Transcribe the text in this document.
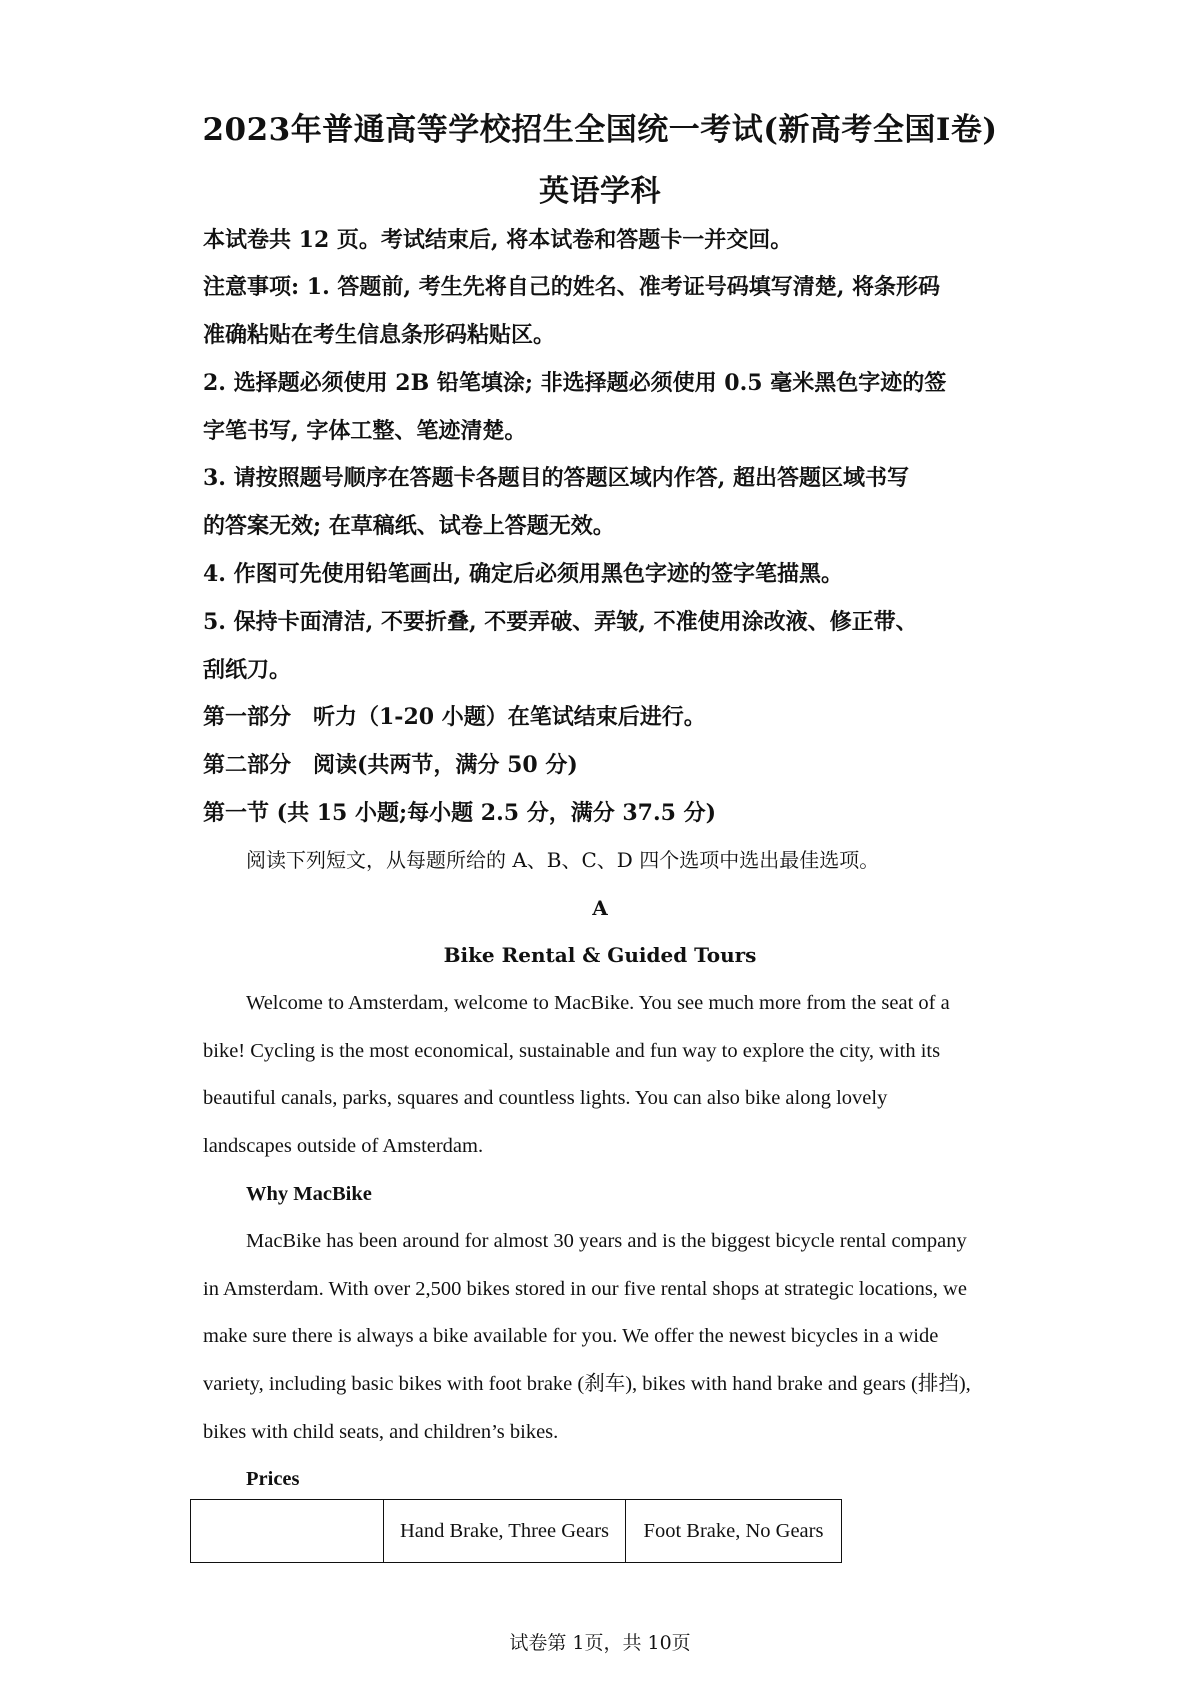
2023年普通高等学校招生全国统一考试(新高考全国I卷)
英语学科
本试卷共 12 页。考试结束后, 将本试卷和答题卡一并交回。
注意事项: 1. 答题前, 考生先将自己的姓名、准考证号码填写清楚, 将条形码
准确粘贴在考生信息条形码粘贴区。
2. 选择题必须使用 2B 铅笔填涂; 非选择题必须使用 0.5 毫米黑色字迹的签
字笔书写, 字体工整、笔迹清楚。
3. 请按照题号顺序在答题卡各题目的答题区域内作答, 超出答题区域书写
的答案无效; 在草稿纸、试卷上答题无效。
4. 作图可先使用铅笔画出, 确定后必须用黑色字迹的签字笔描黑。
5. 保持卡面清洁, 不要折叠, 不要弄破、弄皱, 不准使用涂改液、修正带、
刮纸刀。
第一部分　听力（1-20 小题）在笔试结束后进行。
第二部分　阅读(共两节，满分 50 分)
第一节 (共 15 小题;每小题 2.5 分，满分 37.5 分)
阅读下列短文，从每题所给的 A、B、C、D 四个选项中选出最佳选项。
A
Bike Rental & Guided Tours
Welcome to Amsterdam, welcome to MacBike. You see much more from the seat of a
bike! Cycling is the most economical, sustainable and fun way to explore the city, with its
beautiful canals, parks, squares and countless lights. You can also bike along lovely
landscapes outside of Amsterdam.
Why MacBike
MacBike has been around for almost 30 years and is the biggest bicycle rental company
in Amsterdam. With over 2,500 bikes stored in our five rental shops at strategic locations, we
make sure there is always a bike available for you. We offer the newest bicycles in a wide
variety, including basic bikes with foot brake (刹车), bikes with hand brake and gears (排挡),
bikes with child seats, and children’s bikes.
Prices
	Hand Brake, Three Gears	Foot Brake, No Gears
试卷第 1页，共 10页
